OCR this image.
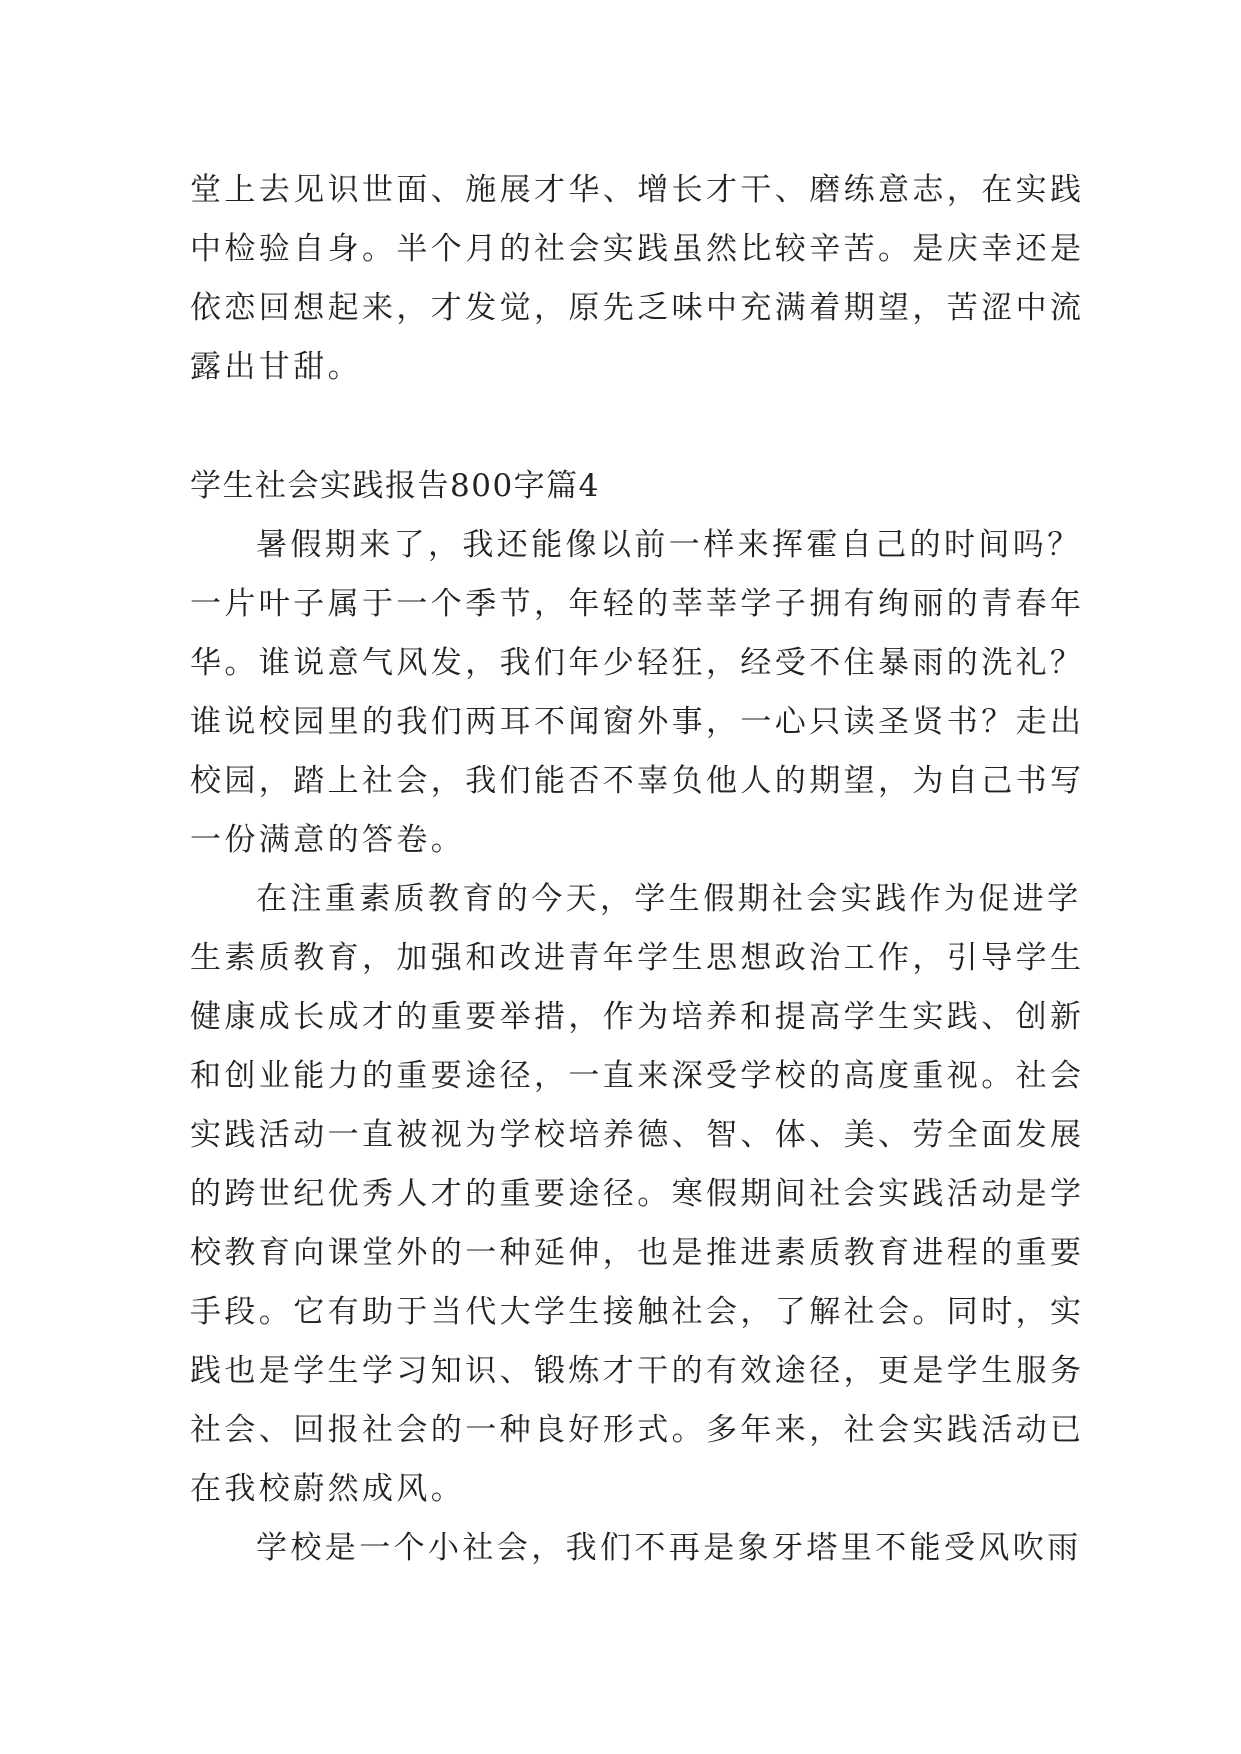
堂上去见识世面、施展才华、增长才干、磨练意志，在实践
中检验自身。半个月的社会实践虽然比较辛苦。是庆幸还是
依恋回想起来，才发觉，原先乏味中充满着期望，苦涩中流
露出甘甜。
学生社会实践报告800字篇4
暑假期来了，我还能像以前一样来挥霍自己的时间吗？
一片叶子属于一个季节，年轻的莘莘学子拥有绚丽的青春年
华。谁说意气风发，我们年少轻狂，经受不住暴雨的洗礼？
谁说校园里的我们两耳不闻窗外事，一心只读圣贤书？走出
校园，踏上社会，我们能否不辜负他人的期望，为自己书写
一份满意的答卷。
在注重素质教育的今天，学生假期社会实践作为促进学
生素质教育，加强和改进青年学生思想政治工作，引导学生
健康成长成才的重要举措，作为培养和提高学生实践、创新
和创业能力的重要途径，一直来深受学校的高度重视。社会
实践活动一直被视为学校培养德、智、体、美、劳全面发展
的跨世纪优秀人才的重要途径。寒假期间社会实践活动是学
校教育向课堂外的一种延伸，也是推进素质教育进程的重要
手段。它有助于当代大学生接触社会，了解社会。同时，实
践也是学生学习知识、锻炼才干的有效途径，更是学生服务
社会、回报社会的一种良好形式。多年来，社会实践活动已
在我校蔚然成风。
学校是一个小社会，我们不再是象牙塔里不能受风吹雨
